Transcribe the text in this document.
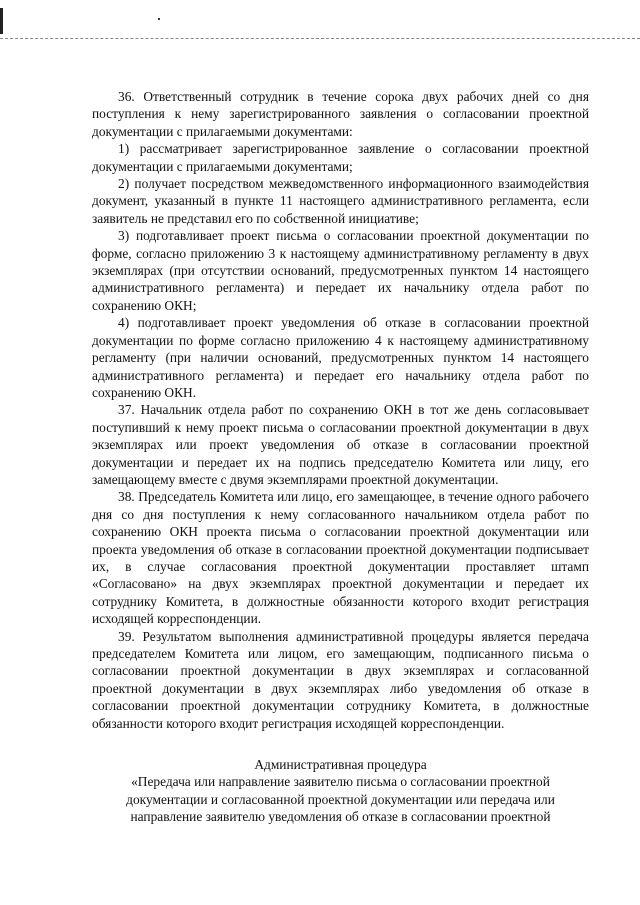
36. Ответственный сотрудник в течение сорока двух рабочих дней со дня поступления к нему зарегистрированного заявления о согласовании проектной документации с прилагаемыми документами:

1) рассматривает зарегистрированное заявление о согласовании проектной документации с прилагаемыми документами;

2) получает посредством межведомственного информационного взаимодействия документ, указанный в пункте 11 настоящего административного регламента, если заявитель не представил его по собственной инициативе;

3) подготавливает проект письма о согласовании проектной документации по форме, согласно приложению 3 к настоящему административному регламенту в двух экземплярах (при отсутствии оснований, предусмотренных пунктом 14 настоящего административного регламента) и передает их начальнику отдела работ по сохранению ОКН;

4) подготавливает проект уведомления об отказе в согласовании проектной документации по форме согласно приложению 4 к настоящему административному регламенту (при наличии оснований, предусмотренных пунктом 14 настоящего административного регламента) и передает его начальнику отдела работ по сохранению ОКН.

37. Начальник отдела работ по сохранению ОКН в тот же день согласовывает поступивший к нему проект письма о согласовании проектной документации в двух экземплярах или проект уведомления об отказе в согласовании проектной документации и передает их на подпись председателю Комитета или лицу, его замещающему вместе с двумя экземплярами проектной документации.

38. Председатель Комитета или лицо, его замещающее, в течение одного рабочего дня со дня поступления к нему согласованного начальником отдела работ по сохранению ОКН проекта письма о согласовании проектной документации или проекта уведомления об отказе в согласовании проектной документации подписывает их, в случае согласования проектной документации проставляет штамп «Согласовано» на двух экземплярах проектной документации и передает их сотруднику Комитета, в должностные обязанности которого входит регистрация исходящей корреспонденции.

39. Результатом выполнения административной процедуры является передача председателем Комитета или лицом, его замещающим, подписанного письма о согласовании проектной документации в двух экземплярах и согласованной проектной документации в двух экземплярах либо уведомления об отказе в согласовании проектной документации сотруднику Комитета, в должностные обязанности которого входит регистрация исходящей корреспонденции.

Административная процедура

«Передача или направление заявителю письма о согласовании проектной документации и согласованной проектной документации или передача или направление заявителю уведомления об отказе в согласовании проектной
